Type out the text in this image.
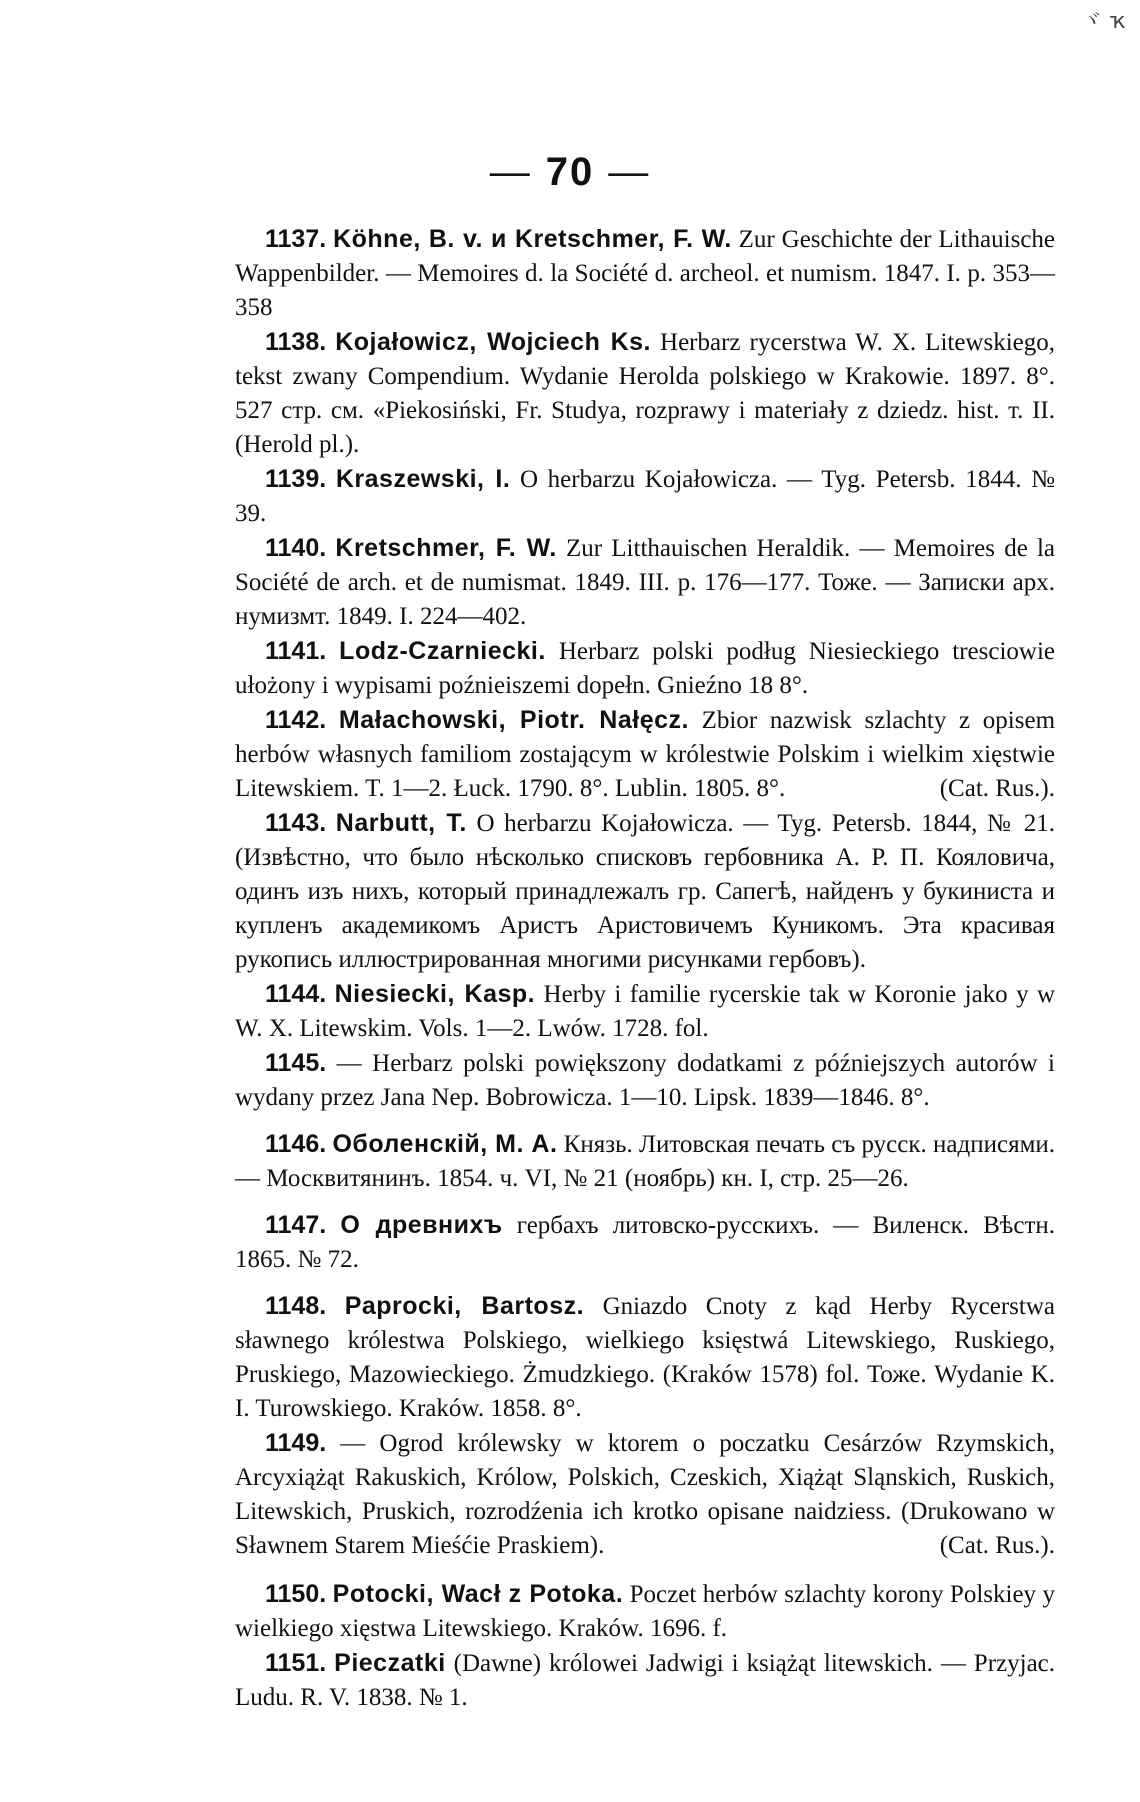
ヾ ҡ
— 70 —

1137. Köhne, B. v. и Kretschmer, F. W. Zur Geschichte der Lithauische Wappenbilder. — Memoires d. la Société d. archeol. et numism. 1847. I. p. 353—358

1138. Kojałowicz, Wojciech Ks. Herbarz rycerstwa W. X. Litewskiego, tekst zwany Compendium. Wydanie Herolda polskiego w Krakowie. 1897. 8°. 527 стр. см. «Piekosiński, Fr. Studya, rozprawy i materiały z dziedz. hist. т. II. (Herold pl.).

1139. Kraszewski, I. O herbarzu Kojałowicza. — Tyg. Petersb. 1844. № 39.

1140. Kretschmer, F. W. Zur Litthauischen Heraldik. — Memoires de la Société de arch. et de numismat. 1849. III. p. 176—177. Тоже. — Записки арх. нумизмт. 1849. I. 224—402.

1141. Lodz-Czarniecki. Herbarz polski podług Niesieckiego tresciowie ułożony i wypisami poźnieiszemi dopełn. Gnieźno 18 8°.

1142. Małachowski, Piotr. Nałęcz. Zbior nazwisk szlachty z opisem herbów własnych familiom zostającym w królestwie Polskim i wielkim xięstwie Litewskiem. T. 1—2. Łuck. 1790. 8°. Lublin. 1805. 8°.	(Cat. Rus.).

1143. Narbutt, T. O herbarzu Kojałowicza. — Tyg. Petersb. 1844, № 21. (Извѣстно, что было нѣсколько списковъ гербовника А. Р. П. Кояловича, одинъ изъ нихъ, который принадлежалъ гр. Сапегѣ, найденъ у букиниста и купленъ академикомъ Аристъ Аристовичемъ Куникомъ. Эта красивая рукопись иллюстрированная многими рисунками гербовъ).

1144. Niesiecki, Kasp. Herby i familie rycerskie tak w Koronie jako y w W. X. Litewskim. Vols. 1—2. Lwów. 1728. fol.

1145. — Herbarz polski powiększony dodatkami z późniejszych autorów i wydany przez Jana Nep. Bobrowicza. 1—10. Lipsk. 1839—1846. 8°.

1146. Оболенскій, М. А. Князь. Литовская печать съ русск. надписями. — Москвитянинъ. 1854. ч. VI, № 21 (ноябрь) кн. I, стр. 25—26.

1147. О древнихъ гербахъ литовско-русскихъ. — Виленск. Вѣстн. 1865. № 72.

1148. Paprocki, Bartosz. Gniazdo Cnoty z kąd Herby Rycerstwa sławnego królestwa Polskiego, wielkiego księstwá Litewskiego, Ruskiego, Pruskiego, Mazowieckiego. Żmudzkiego. (Kraków 1578) fol. Тоже. Wydanie K. I. Turowskiego. Kraków. 1858. 8°.

1149. — Ogrod królewsky w ktorem o poczatku Cesárzów Rzymskich, Arcyxiążąt Rakuskich, Królow, Polskich, Czeskich, Xiążąt Sląnskich, Ruskich, Litewskich, Pruskich, rozrodźenia ich krotko opisane naidziess. (Drukowano w Sławnem Starem Mieśćie Praskiem).	(Cat. Rus.).

1150. Potocki, Wacł z Potoka. Poczet herbów szlachty korony Polskiey y wielkiego xięstwa Litewskiego. Kraków. 1696. f.

1151. Pieczatki (Dawne) królowei Jadwigi i książąt litewskich. — Przyjac. Ludu. R. V. 1838. № 1.
